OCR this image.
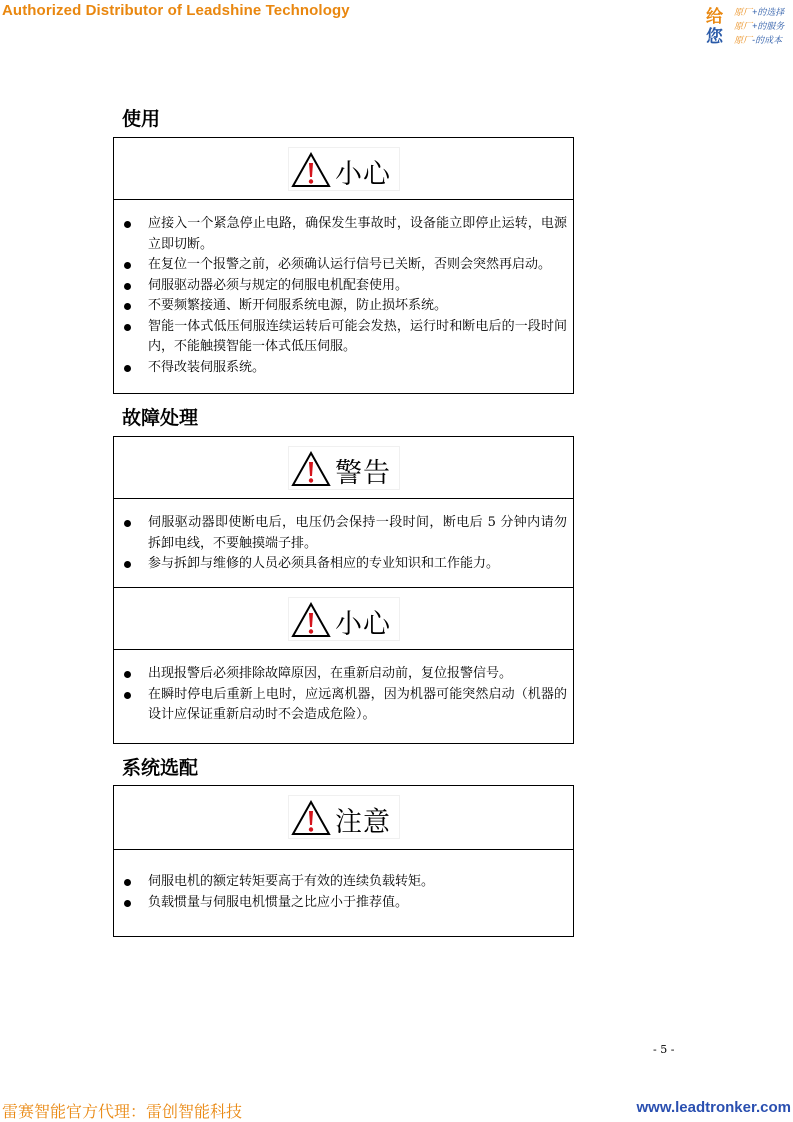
Authorized Distributor of Leadshine Technology	给
您
原厂+的选择
原厂+的服务
原厂-的成本
使用
小心
应接入一个紧急停止电路，确保发生事故时，设备能立即停止运转，电源立即切断。
在复位一个报警之前，必须确认运行信号已关断，否则会突然再启动。
伺服驱动器必须与规定的伺服电机配套使用。
不要频繁接通、断开伺服系统电源，防止损坏系统。
智能一体式低压伺服连续运转后可能会发热，运行时和断电后的一段时间内，不能触摸智能一体式低压伺服。
不得改装伺服系统。
故障处理
警告
伺服驱动器即使断电后，电压仍会保持一段时间，断电后 5 分钟内请勿拆卸电线，不要触摸端子排。
参与拆卸与维修的人员必须具备相应的专业知识和工作能力。
小心
出现报警后必须排除故障原因，在重新启动前，复位报警信号。
在瞬时停电后重新上电时，应远离机器，因为机器可能突然启动（机器的设计应保证重新启动时不会造成危险）。
系统选配
注意
伺服电机的额定转矩要高于有效的连续负载转矩。
负载惯量与伺服电机惯量之比应小于推荐值。
- 5 -
雷赛智能官方代理：雷创智能科技	www.leadtronker.com
